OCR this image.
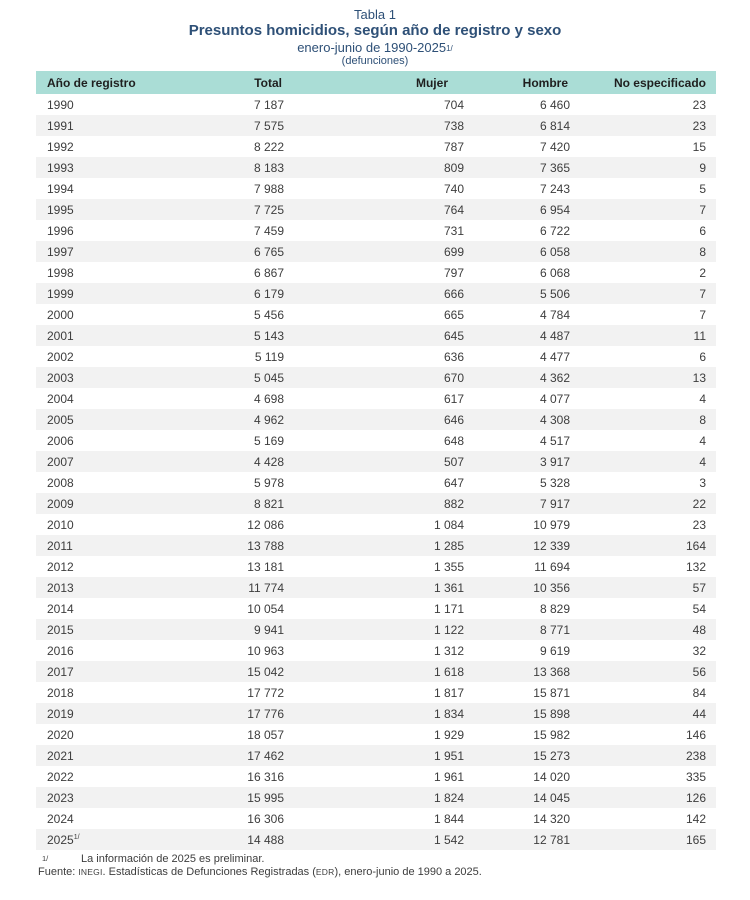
Tabla 1
Presuntos homicidios, según año de registro y sexo
enero-junio de $1990-2025^{1/}$
(defunciones)
Año de registro	Total	Mujer	Hombre	No especificado
1990	7 187	704	6 460	23
1991	7 575	738	6 814	23
1992	8 222	787	7 420	15
1993	8 183	809	7 365	9
1994	7 988	740	7 243	5
1995	7 725	764	6 954	7
1996	7 459	731	6 722	6
1997	6 765	699	6 058	8
1998	6 867	797	6 068	2
1999	6 179	666	5 506	7
2000	5 456	665	4 784	7
2001	5 143	645	4 487	11
2002	5 119	636	4 477	6
2003	5 045	670	4 362	13
2004	4 698	617	4 077	4
2005	4 962	646	4 308	8
2006	5 169	648	4 517	4
2007	4 428	507	3 917	4
2008	5 978	647	5 328	3
2009	8 821	882	7 917	22
2010	12 086	1 084	10 979	23
2011	13 788	1 285	12 339	164
2012	13 181	1 355	11 694	132
2013	11 774	1 361	10 356	57
2014	10 054	1 171	8 829	54
2015	9 941	1 122	8 771	48
2016	10 963	1 312	9 619	32
2017	15 042	1 618	13 368	56
2018	17 772	1 817	15 871	84
2019	17 776	1 834	15 898	44
2020	18 057	1 929	15 982	146
2021	17 462	1 951	15 273	238
2022	16 316	1 961	14 020	335
2023	15 995	1 824	14 045	126
2024	16 306	1 844	14 320	142
$2025^{1/}$	14 488	1 542	12 781	165
1/	La información de 2025 es preliminar.
Fuente: INEGI. Estadísticas de Defunciones Registradas (EDR), enero-junio de 1990 a 2025.
